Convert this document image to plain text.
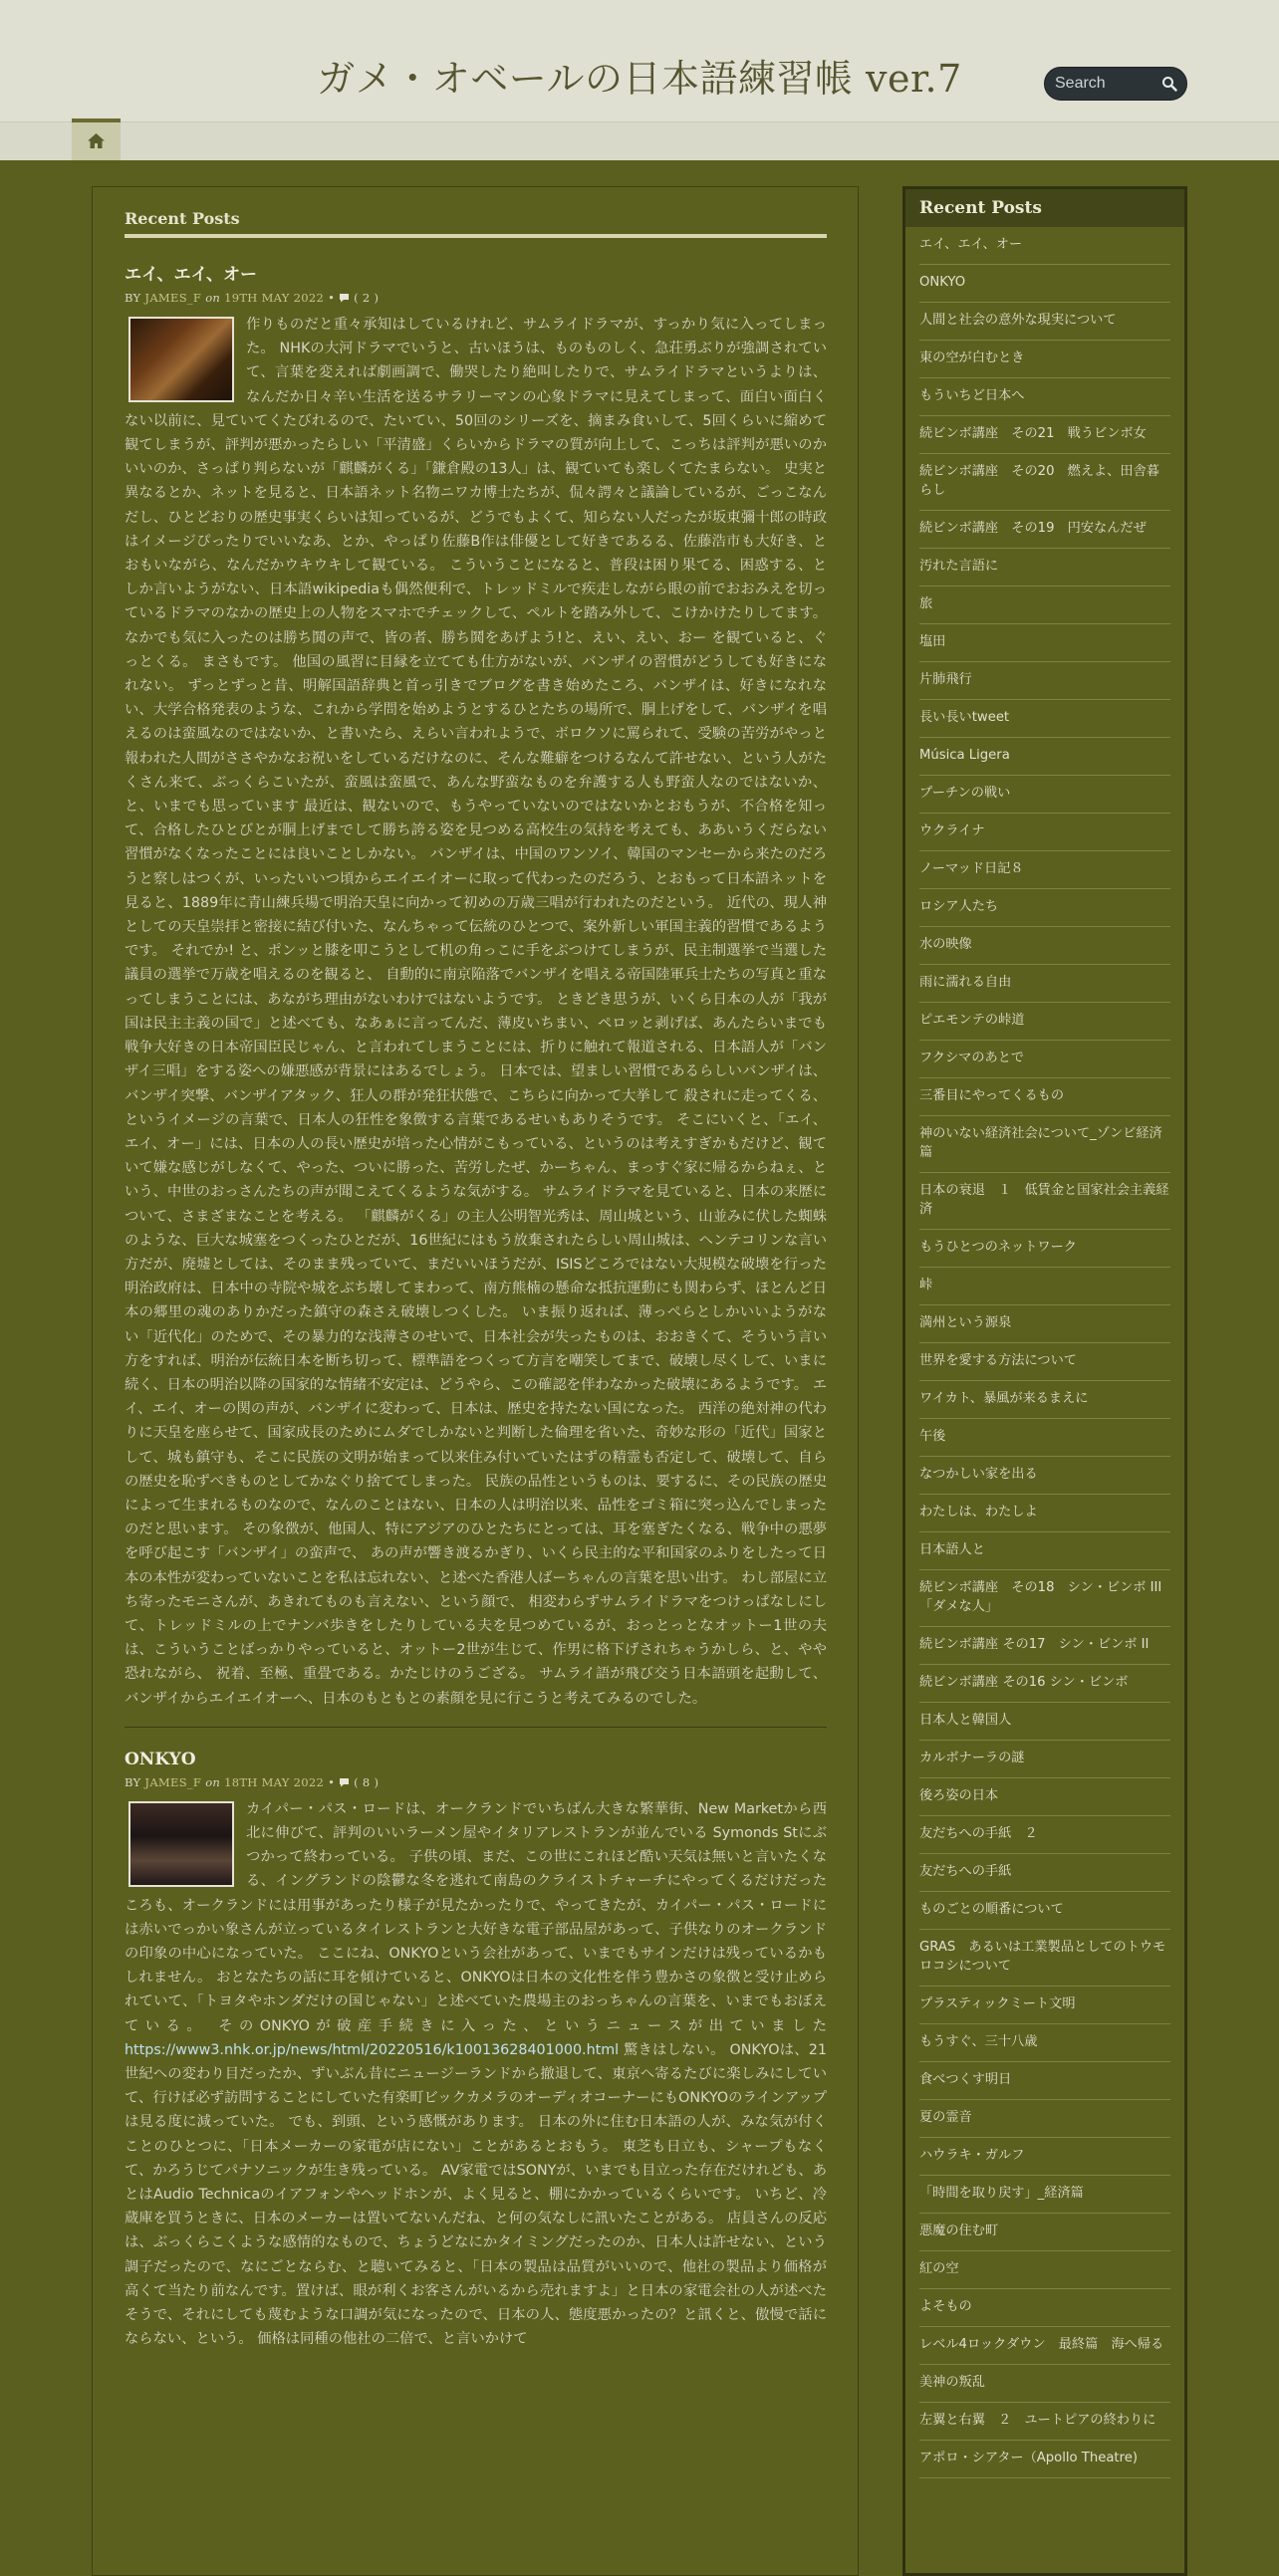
ガメ・オベールの日本語練習帳 ver.7
Search
Recent Posts
エイ、エイ、オー
BY JAMES_F on 19TH MAY 2022 • ( 2 )
作りものだと重々承知はしているけれど、サムライドラマが、すっかり気に入ってしまった。 NHKの大河ドラマでいうと、古いほうは、ものものしく、急荘勇ぶりが強調されていて、言葉を変えれば劇画調で、働哭したり絶叫したりで、サムライドラマというよりは、なんだか日々辛い生活を送るサラリーマンの心象ドラマに見えてしまって、面白い面白くない以前に、見ていてくたびれるので、たいてい、50回のシリーズを、摘まみ食いして、5回くらいに縮めて観てしまうが、評判が悪かったらしい「平清盛」くらいからドラマの質が向上して、こっちは評判が悪いのかいいのか、さっぱり判らないが「麒麟がくる」「鎌倉殿の13人」は、観ていても楽しくてたまらない。 史実と異なるとか、ネットを見ると、日本語ネット名物ニワカ博士たちが、侃々諤々と議論しているが、ごっこなんだし、ひとどおりの歴史事実くらいは知っているが、どうでもよくて、知らない人だったが坂東彌十郎の時政はイメージぴったりでいいなあ、とか、やっぱり佐藤B作は俳優として好きであるる、佐藤浩市も大好き、とおもいながら、なんだかウキウキして観ている。 こういうことになると、普段は困り果てる、困惑する、としか言いようがない、日本語wikipediaも偶然便利で、トレッドミルで疾走しながら眼の前でおおみえを切っているドラマのなかの歴史上の人物をスマホでチェックして、ペルトを踏み外して、こけかけたりしてます。 なかでも気に入ったのは勝ち鬨の声で、皆の者、勝ち鬨をあげよう!と、えい、えい、おー を観ていると、ぐっとくる。 まさもです。 他国の風習に目縁を立てても仕方がないが、バンザイの習慣がどうしても好きになれない。 ずっとずっと昔、明解国語辞典と首っ引きでブログを書き始めたころ、バンザイは、好きになれない、大学合格発表のような、これから学問を始めようとするひとたちの場所で、胴上げをして、バンザイを唱えるのは蛮風なのではないか、と書いたら、えらい言われようで、ボロクソに罵られて、受験の苦労がやっと報われた人間がささやかなお祝いをしているだけなのに、そんな難癖をつけるなんて許せない、という人がたくさん来て、ぶっくらこいたが、蛮風は蛮風で、あんな野蛮なものを弁護する人も野蛮人なのではないか、と、いまでも思っています 最近は、観ないので、もうやっていないのではないかとおもうが、不合格を知って、合格したひとびとが胴上げまでして勝ち誇る姿を見つめる高校生の気持を考えても、ああいうくだらない習慣がなくなったことには良いことしかない。 バンザイは、中国のワンソイ、韓国のマンセーから来たのだろうと察しはつくが、いったいいつ頃からエイエイオーに取って代わったのだろう、とおもって日本語ネットを見ると、1889年に青山練兵場で明治天皇に向かって初めの万歳三唱が行われたのだという。 近代の、現人神としての天皇崇拝と密接に結び付いた、なんちゃって伝統のひとつで、案外新しい軍国主義的習慣であるようです。 それでか! と、ポンッと膝を叩こうとして机の角っこに手をぶつけてしまうが、民主制選挙で当選した議員の選挙で万歳を唱えるのを観ると、 自動的に南京陥落でバンザイを唱える帝国陸軍兵士たちの写真と重なってしまうことには、あながち理由がないわけではないようです。 ときどき思うが、いくら日本の人が「我が国は民主主義の国で」と述べても、なあぁに言ってんだ、薄皮いちまい、ペロッと剥げば、あんたらいまでも戦争大好きの日本帝国臣民じゃん、と言われてしまうことには、折りに触れて報道される、日本語人が「バンザイ三唱」をする姿への嫌悪感が背景にはあるでしょう。 日本では、望ましい習慣であるらしいバンザイは、バンザイ突撃、バンザイアタック、狂人の群が発狂状態で、こちらに向かって大挙して 殺されに走ってくる、というイメージの言葉で、日本人の狂性を象徴する言葉であるせいもありそうです。 そこにいくと、「エイ、エイ、オー」には、日本の人の長い歴史が培った心情がこもっている、というのは考えすぎかもだけど、観ていて嫌な感じがしなくて、やった、ついに勝った、苦労したぜ、かーちゃん、まっすぐ家に帰るからねぇ、という、中世のおっさんたちの声が聞こえてくるような気がする。 サムライドラマを見ていると、日本の来歴について、さまざまなことを考える。 「麒麟がくる」の主人公明智光秀は、周山城という、山並みに伏した蜘蛛のような、巨大な城塞をつくったひとだが、16世紀にはもう放棄されたらしい周山城は、ヘンテコリンな言い方だが、廃墟としては、そのまま残っていて、まだいいほうだが、ISISどころではない大規模な破壊を行った明治政府は、日本中の寺院や城をぶち壊してまわって、南方熊楠の懸命な抵抗運動にも関わらず、ほとんど日本の郷里の魂のありかだった鎮守の森さえ破壊しつくした。 いま振り返れば、薄っぺらとしかいいようがない「近代化」のためで、その暴力的な浅薄さのせいで、日本社会が失ったものは、おおきくて、そういう言い方をすれば、明治が伝統日本を断ち切って、標準語をつくって方言を嘲笑してまで、破壊し尽くして、いまに続く、日本の明治以降の国家的な情緒不安定は、どうやら、この確認を伴わなかった破壊にあるようです。 エイ、エイ、オーの関の声が、バンザイに変わって、日本は、歴史を持たない国になった。 西洋の絶対神の代わりに天皇を座らせて、国家成長のためにムダでしかないと判断した倫理を省いた、奇妙な形の「近代」国家として、城も鎮守も、そこに民族の文明が始まって以来住み付いていたはずの精霊も否定して、破壊して、自らの歴史を恥ずべきものとしてかなぐり捨ててしまった。 民族の品性というものは、要するに、その民族の歴史によって生まれるものなので、なんのことはない、日本の人は明治以来、品性をゴミ箱に突っ込んでしまったのだと思います。 その象徴が、他国人、特にアジアのひとたちにとっては、耳を塞ぎたくなる、戦争中の悪夢を呼び起こす「バンザイ」の蛮声で、 あの声が響き渡るかぎり、いくら民主的な平和国家のふりをしたって日本の本性が変わっていないことを私は忘れない、と述べた香港人ばーちゃんの言葉を思い出す。 わし部屋に立ち寄ったモニさんが、あきれてものも言えない、という顔で、 相変わらずサムライドラマをつけっぱなしにして、トレッドミルの上でナンバ歩きをしたりしている夫を見つめているが、おっとっとなオットー1世の夫は、こういうことばっかりやっていると、オットー2世が生じて、作男に格下げされちゃうかしら、と、やや恐れながら、 祝着、至極、重畳である。かたじけのうござる。 サムライ語が飛び交う日本語頭を起動して、バンザイからエイエイオーへ、日本のもともとの素顔を見に行こうと考えてみるのでした。
ONKYO
BY JAMES_F on 18TH MAY 2022 • ( 8 )
カイパー・パス・ロードは、オークランドでいちばん大きな繁華街、New Marketから西北に伸びて、評判のいいラーメン屋やイタリアレストランが並んでいる Symonds Stにぶつかって終わっている。 子供の頃、まだ、この世にこれほど酷い天気は無いと言いたくなる、イングランドの陰鬱な冬を逃れて南島のクライストチャーチにやってくるだけだったころも、オークランドには用事があったり様子が見たかったりで、やってきたが、カイパー・パス・ロードには赤いでっかい象さんが立っているタイレストランと大好きな電子部品屋があって、子供なりのオークランドの印象の中心になっていた。 ここにね、ONKYOという会社があって、いまでもサインだけは残っているかもしれません。 おとなたちの話に耳を傾けていると、ONKYOは日本の文化性を伴う豊かさの象徴と受け止められていて、「トヨタやホンダだけの国じゃない」と述べていた農場主のおっちゃんの言葉を、いまでもおぼえている。 そのONKYOが破産手続きに入った、というニュースが出ていました https://www3.nhk.or.jp/news/html/20220516/k10013628401000.html 驚きはしない。 ONKYOは、21世紀への変わり目だったか、ずいぶん昔にニュージーランドから撤退して、東京へ寄るたびに楽しみにしていて、行けば必ず訪問することにしていた有楽町ビックカメラのオーディオコーナーにもONKYOのラインアップは見る度に減っていた。 でも、到頭、という感慨があります。 日本の外に住む日本語の人が、みな気が付くことのひとつに、「日本メーカーの家電が店にない」ことがあるとおもう。 東芝も日立も、シャープもなくて、かろうじてパナソニックが生き残っている。 AV家電ではSONYが、いまでも目立った存在だけれども、あとはAudio Technicaのイアフォンやヘッドホンが、よく見ると、棚にかかっているくらいです。 いちど、冷蔵庫を買うときに、日本のメーカーは置いてないんだね、と何の気なしに訊いたことがある。 店員さんの反応は、ぶっくらこくような感情的なもので、ちょうどなにかタイミングだったのか、日本人は許せない、という調子だったので、なにごとならむ、と聴いてみると、「日本の製品は品質がいいので、他社の製品より価格が高くて当たり前なんです。置けば、眼が利くお客さんがいるから売れますよ」と日本の家電会社の人が述べたそうで、それにしても蔑むような口調が気になったので、日本の人、態度悪かったの？と訊くと、傲慢で話にならない、という。 価格は同種の他社の二倍で、と言いかけて
Recent Posts
エイ、エイ、オー
ONKYO
人間と社会の意外な現実について
東の空が白むとき
もういちど日本へ
続ビンボ講座　その21　戦うビンボ女
続ビンボ講座　その20　燃えよ、田舎暮らし
続ビンボ講座　その19　円安なんだぜ
汚れた言語に
旅
塩田
片肺飛行
長い長いtweet
Música Ligera
プーチンの戦い
ウクライナ
ノーマッド日記８
ロシア人たち
水の映像
雨に濡れる自由
ピエモンテの峠道
フクシマのあとで
三番目にやってくるもの
神のいない経済社会について_ゾンビ経済篇
日本の衰退　１　低賃金と国家社会主義経済
もうひとつのネットワーク
峠
満州という源泉
世界を愛する方法について
ワイカト、暴風が来るまえに
午後
なつかしい家を出る
わたしは、わたしよ
日本語人と
続ビンボ講座　その18　シン・ビンボ III 「ダメな人」
続ビンボ講座 その17　シン・ビンボ II
続ビンボ講座 その16 シン・ビンボ
日本人と韓国人
カルボナーラの謎
後ろ姿の日本
友だちへの手紙　２
友だちへの手紙
ものごとの順番について
GRAS　あるいは工業製品としてのトウモロコシについて
プラスティックミート文明
もうすぐ、三十八歳
食べつくす明日
夏の霊音
ハウラキ・ガルフ
「時間を取り戻す」_経済篇
悪魔の住む町
紅の空
よそもの
レベル4ロックダウン　最終篇　海へ帰る
美神の叛乱
左翼と右翼　２　ユートピアの終わりに
アポロ・シアター（Apollo Theatre)
